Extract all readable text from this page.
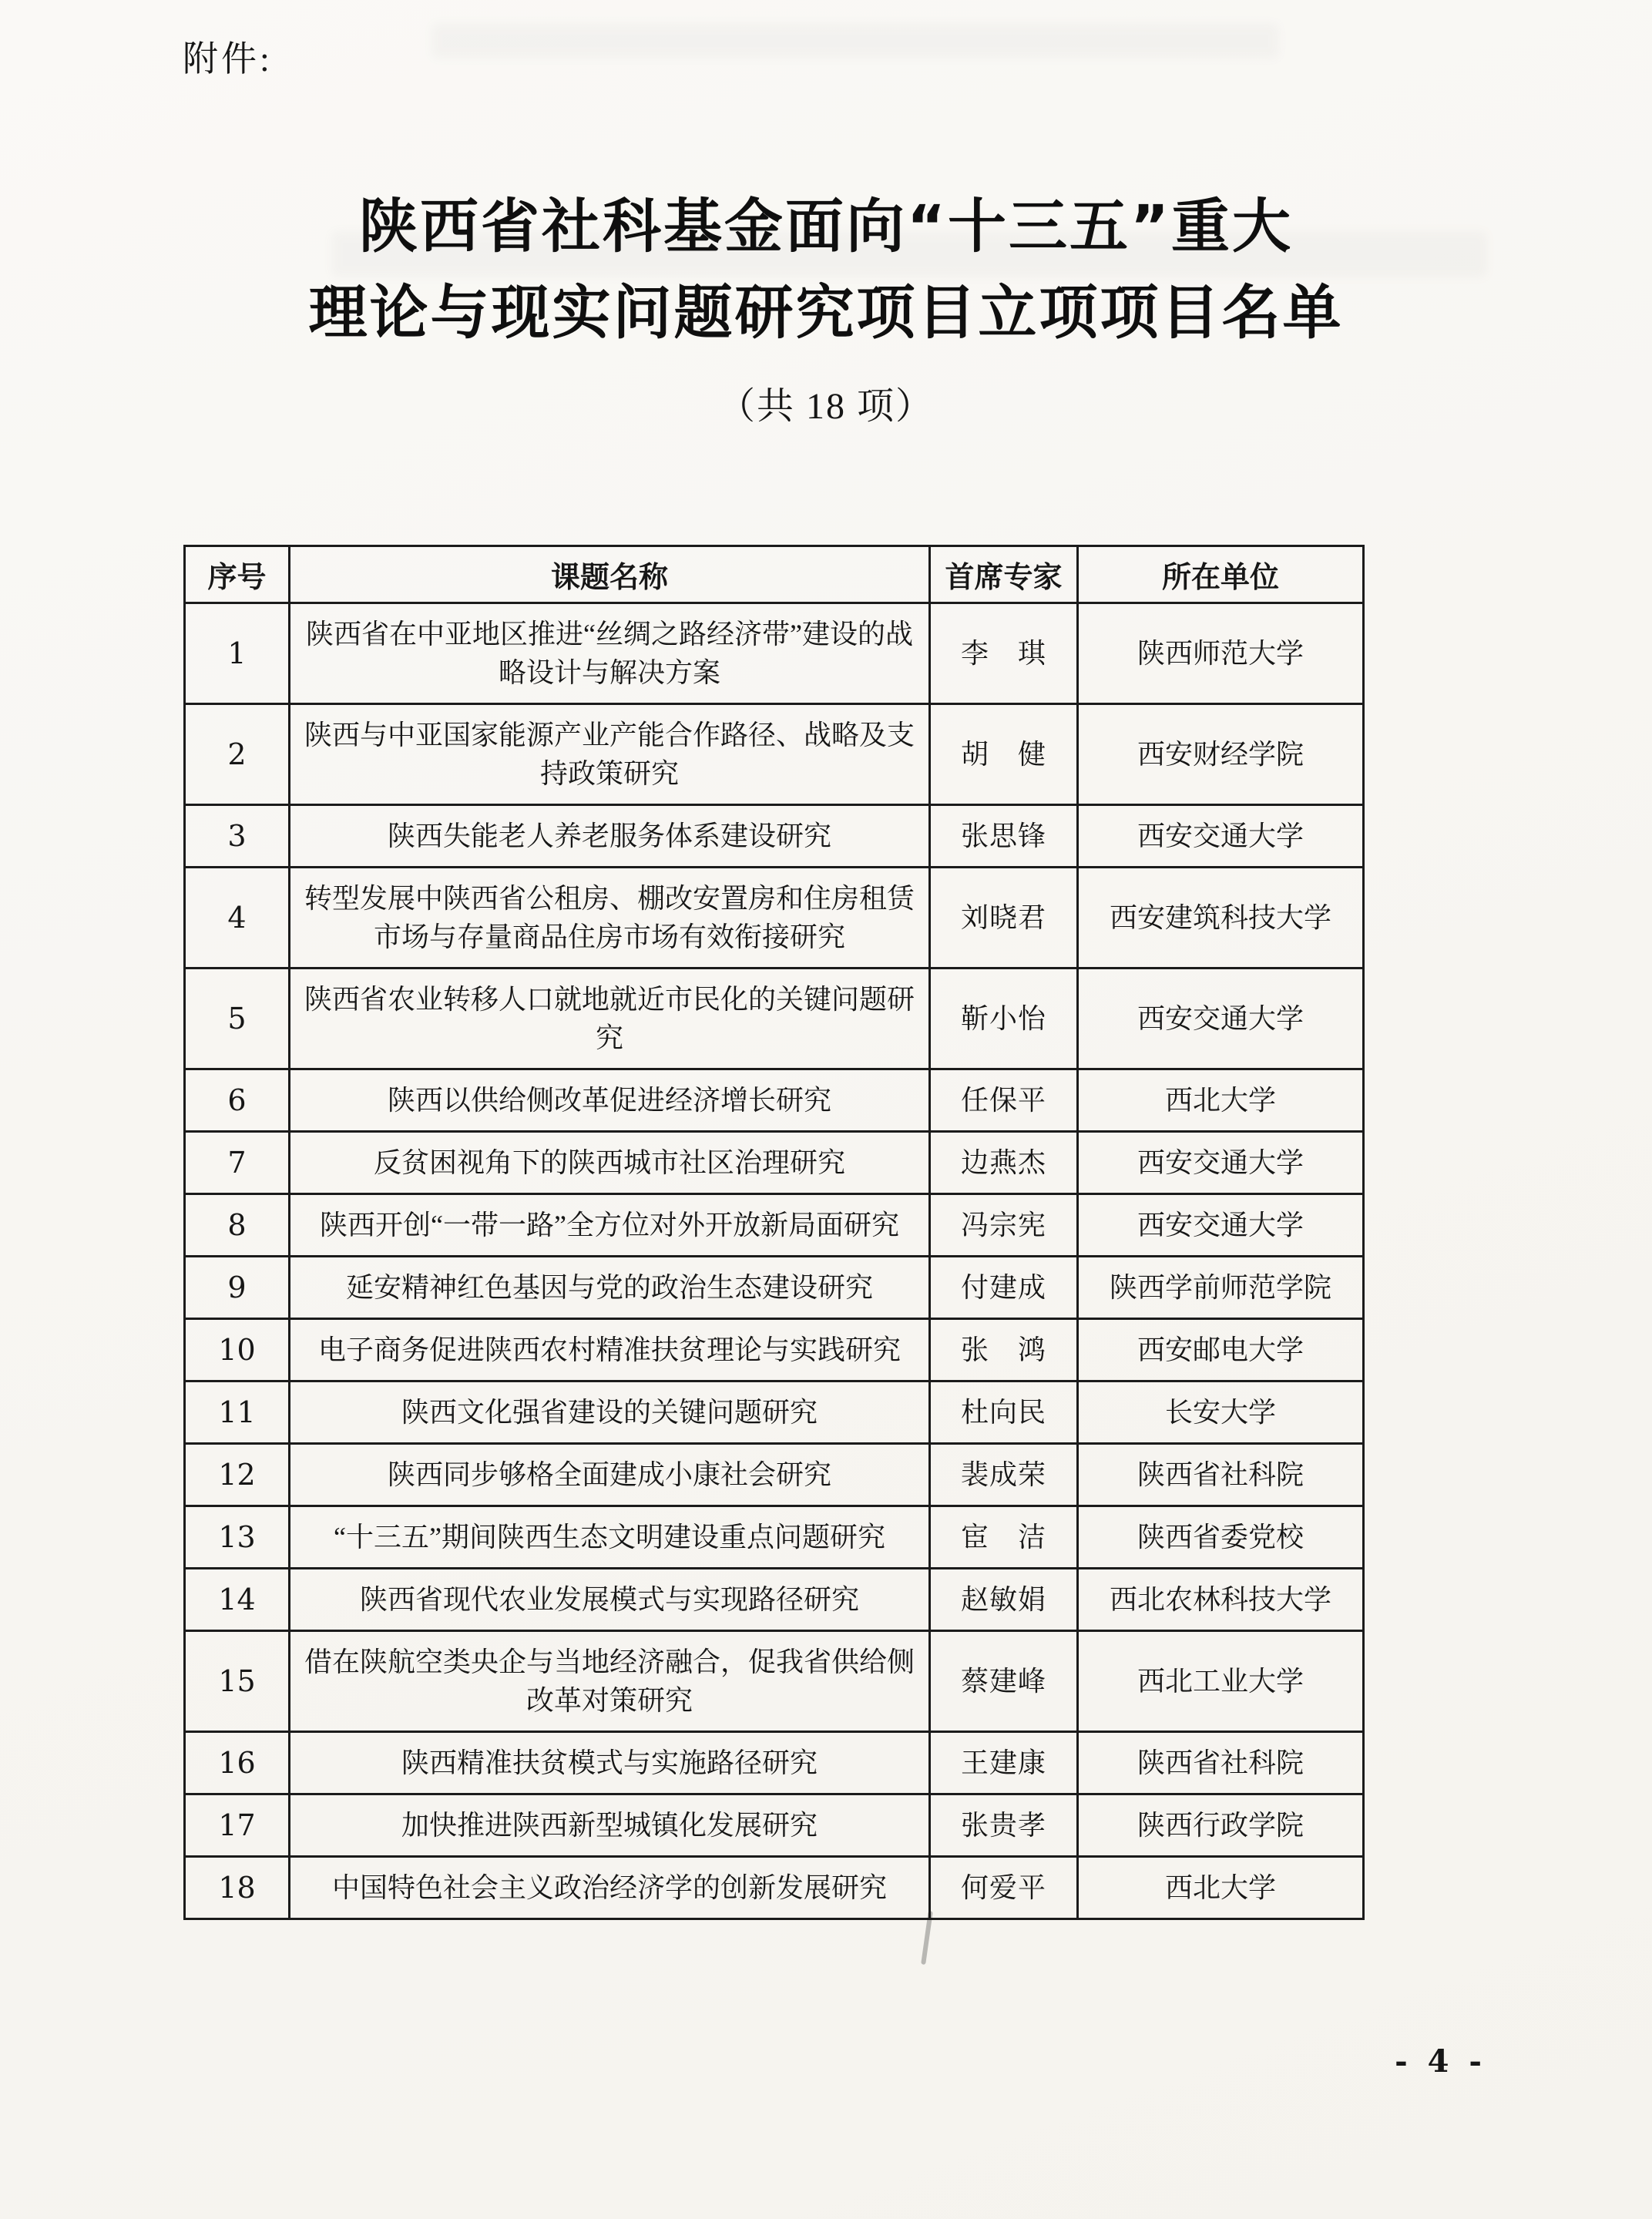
附件:
陕西省社科基金面向“十三五”重大
理论与现实问题研究项目立项项目名单
（共 18 项）
序号	课题名称	首席专家	所在单位
1	陕西省在中亚地区推进“丝绸之路经济带”建设的战略设计与解决方案	李　琪	陕西师范大学
2	陕西与中亚国家能源产业产能合作路径、战略及支持政策研究	胡　健	西安财经学院
3	陕西失能老人养老服务体系建设研究	张思锋	西安交通大学
4	转型发展中陕西省公租房、棚改安置房和住房租赁市场与存量商品住房市场有效衔接研究	刘晓君	西安建筑科技大学
5	陕西省农业转移人口就地就近市民化的关键问题研究	靳小怡	西安交通大学
6	陕西以供给侧改革促进经济增长研究	任保平	西北大学
7	反贫困视角下的陕西城市社区治理研究	边燕杰	西安交通大学
8	陕西开创“一带一路”全方位对外开放新局面研究	冯宗宪	西安交通大学
9	延安精神红色基因与党的政治生态建设研究	付建成	陕西学前师范学院
10	电子商务促进陕西农村精准扶贫理论与实践研究	张　鸿	西安邮电大学
11	陕西文化强省建设的关键问题研究	杜向民	长安大学
12	陕西同步够格全面建成小康社会研究	裴成荣	陕西省社科院
13	“十三五”期间陕西生态文明建设重点问题研究	宦　洁	陕西省委党校
14	陕西省现代农业发展模式与实现路径研究	赵敏娟	西北农林科技大学
15	借在陕航空类央企与当地经济融合，促我省供给侧改革对策研究	蔡建峰	西北工业大学
16	陕西精准扶贫模式与实施路径研究	王建康	陕西省社科院
17	加快推进陕西新型城镇化发展研究	张贵孝	陕西行政学院
18	中国特色社会主义政治经济学的创新发展研究	何爱平	西北大学
- 4 -
